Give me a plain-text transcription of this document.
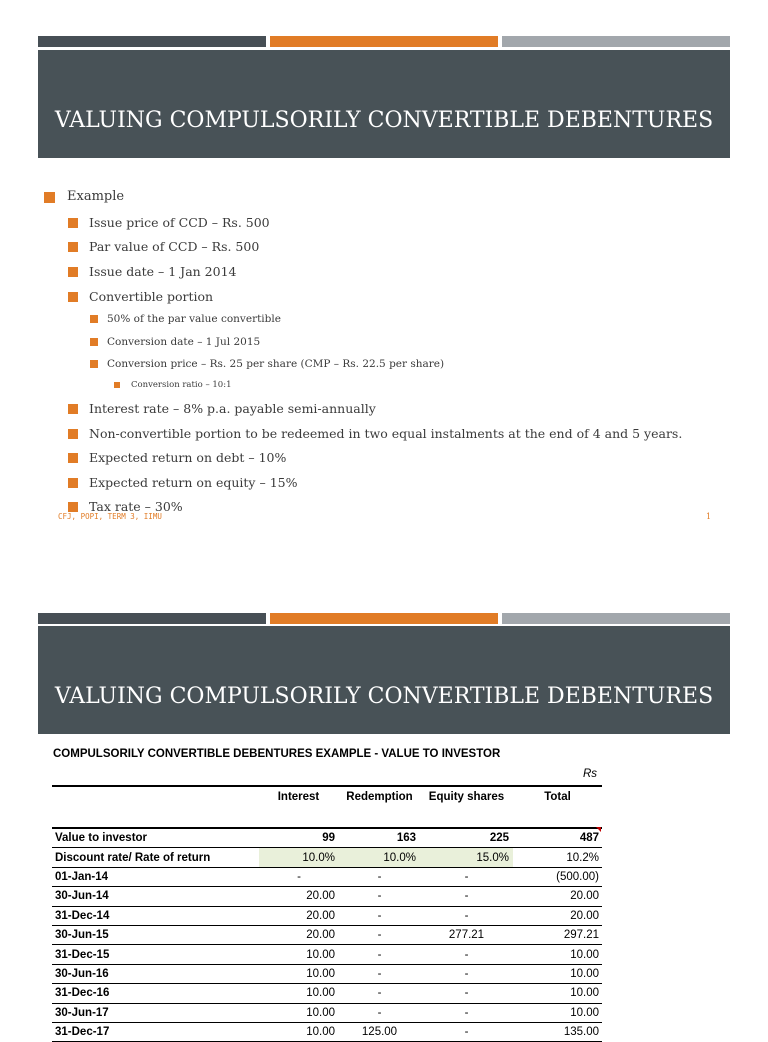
VALUING COMPULSORILY CONVERTIBLE DEBENTURES
Example
Issue price of CCD – Rs. 500
Par value of CCD – Rs. 500
Issue date – 1 Jan 2014
Convertible portion
50% of the par value convertible
Conversion date – 1 Jul 2015
Conversion price – Rs. 25 per share (CMP – Rs. 22.5 per share)
Conversion ratio – 10:1
Interest rate – 8% p.a. payable semi-annually
Non-convertible portion to be redeemed in two equal instalments at the end of 4 and 5 years.
Expected return on debt – 10%
Expected return on equity – 15%
Tax rate – 30%
CFJ, POPI, TERM 3, IIMU	1
VALUING COMPULSORILY CONVERTIBLE DEBENTURES
COMPULSORILY CONVERTIBLE DEBENTURES EXAMPLE - VALUE TO INVESTOR
Rs
	Interest	Redemption	Equity shares	Total

Value to investor	99	163	225	487
Discount rate/ Rate of return	10.0%	10.0%	15.0%	10.2%
01-Jan-14	-	-	-	(500.00)
30-Jun-14	20.00	-	-	20.00
31-Dec-14	20.00	-	-	20.00
30-Jun-15	20.00	-	277.21	297.21
31-Dec-15	10.00	-	-	10.00
30-Jun-16	10.00	-	-	10.00
31-Dec-16	10.00	-	-	10.00
30-Jun-17	10.00	-	-	10.00
31-Dec-17	10.00	125.00	-	135.00
